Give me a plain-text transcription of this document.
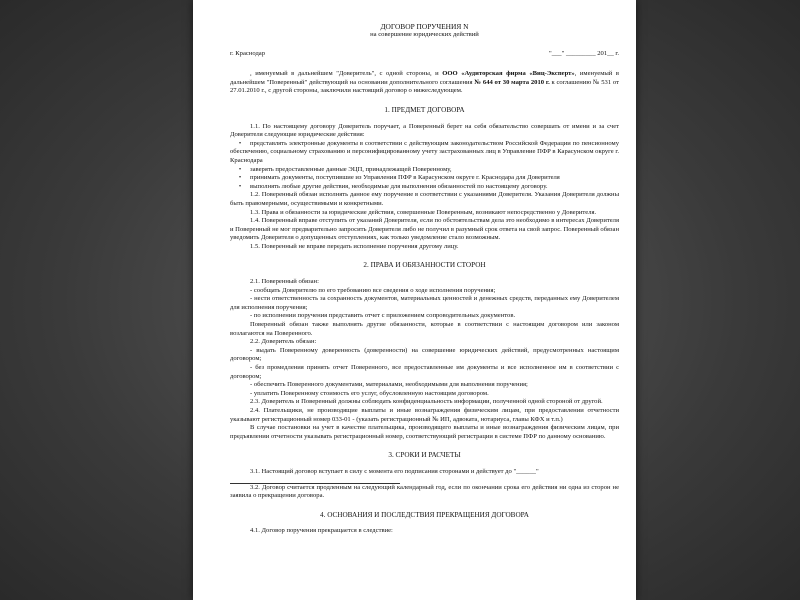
ДОГОВОР ПОРУЧЕНИЯ N
на совершение юридических действий
г. Краснодар	"___" _________ 201__ г.

, именуемый в дальнейшем "Доверитель", с одной стороны, и ООО «Аудиторская фирма «Виц-Эксперт», именуемый в дальнейшем "Поверенный" действующий на основании дополнительного соглашения № 644 от 30 марта 2010 г. к соглашению № 531 от 27.01.2010 г., с другой стороны, заключили настоящий договор о нижеследующем.

1. ПРЕДМЕТ ДОГОВОРА

1.1. По настоящему договору Доверитель поручает, а Поверенный берет на себя обязательство совершать от имени и за счет Доверителя следующие юридические действия:

• представлять электронные документы в соответствии с действующим законодательством Российской Федерации по пенсионному обеспечению, социальному страхованию и персонифицированному учету застрахованных лиц в Управление ПФР в Карасунском округе г. Краснодара

• заверять предоставленные данные ЭЦП, принадлежащей Поверенному,

• принимать документы, поступившие из Управления ПФР в Карасунском округе г. Краснодара для Доверителя

• выполнять любые другие действия, необходимые для выполнения обязанностей по настоящему договору.

1.2. Поверенный обязан исполнять данное ему поручение в соответствии с указаниями Доверителя. Указания Доверителя должны быть правомерными, осуществимыми и конкретными.

1.3. Права и обязанности за юридические действия, совершенные Поверенным, возникают непосредственно у Доверителя.

1.4. Поверенный вправе отступить от указаний Доверителя, если по обстоятельствам дела это необходимо в интересах Доверителя и Поверенный не мог предварительно запросить Доверителя либо не получил в разумный срок ответа на свой запрос. Поверенный обязан уведомить Доверителя о допущенных отступлениях, как только уведомление стало возможным.

1.5. Поверенный не вправе передать исполнение поручения другому лицу.

2. ПРАВА И ОБЯЗАННОСТИ СТОРОН

2.1. Поверенный обязан:

- сообщать Доверителю по его требованию все сведения о ходе исполнения поручения;

- нести ответственность за сохранность документов, материальных ценностей и денежных средств, переданных ему Доверителем для исполнения поручения;

- по исполнении поручения представить отчет с приложением сопроводительных документов.

Поверенный обязан также выполнять другие обязанности, которые в соответствии с настоящим договором или законом возлагаются на Поверенного.

2.2. Доверитель обязан:

- выдать Поверенному доверенность (доверенности) на совершение юридических действий, предусмотренных настоящим договором;

- без промедления принять отчет Поверенного, все предоставленные им документы и все исполненное им в соответствии с договором;

- обеспечить Поверенного документами, материалами, необходимыми для выполнения поручения;

- уплатить Поверенному стоимость его услуг, обусловленную настоящим договором.

2.3. Доверитель и Поверенный должны соблюдать конфиденциальность информации, полученной одной стороной от другой.

2.4. Плательщики, не производящие выплаты и иные вознаграждения физическим лицам, при предоставлении отчетности указывают регистрационный номер 033-01 - (указать регистрационный № ИП, адвоката, нотариуса, главы КФХ и т.п.)

В случае постановки на учет в качестве плательщика, производящего выплаты и иные вознаграждения физическим лицам, при предъявлении отчетности указывать регистрационный номер, соответствующий регистрации в системе ПФР по данному основанию.

3. СРОКИ И РАСЧЕТЫ

3.1. Настоящий договор вступает в силу с момента его подписания сторонами и действует до "______"

3.2. Договор считается продленным на следующий календарный год, если по окончании срока его действия ни одна из сторон не заявила о прекращении договора.

4. ОСНОВАНИЯ И ПОСЛЕДСТВИЯ ПРЕКРАЩЕНИЯ ДОГОВОРА

4.1. Договор поручения прекращается в следствие:
